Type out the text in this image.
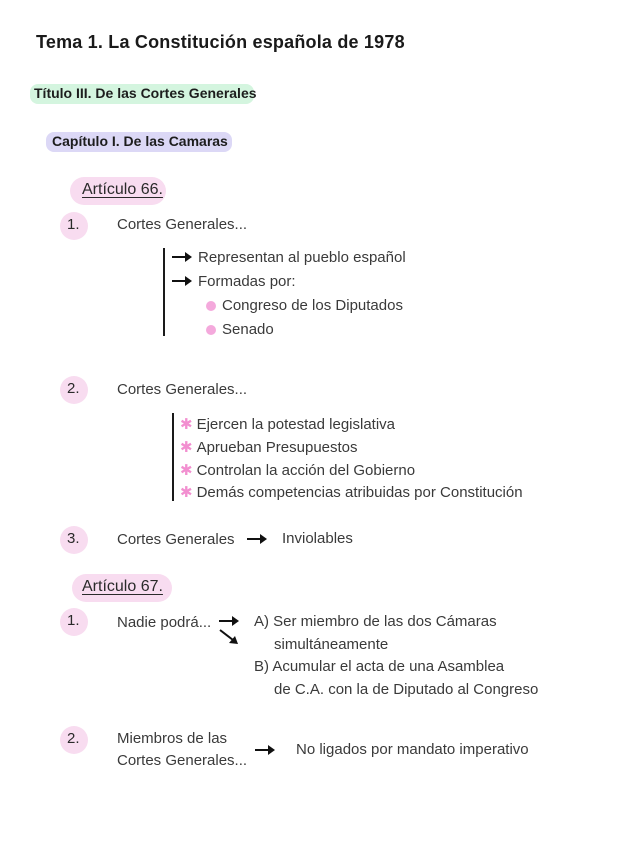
Tema 1. La Constitución española de 1978
Título III. De las Cortes Generales
Capítulo I. De las Camaras
Artículo 66.
1. Cortes Generales...
Representan al pueblo español
Formadas por:
Congreso de los Diputados
Senado
2. Cortes Generales...
✱ Ejercen la potestad legislativa
✱ Aprueban Presupuestos
✱ Controlan la acción del Gobierno
✱ Demás competencias atribuidas por Constitución
3. Cortes Generales	Inviolables
Artículo 67.
1. Nadie podrá...	A) Ser miembro de las dos Cámaras
simultáneamente
B) Acumular el acta de una Asamblea
de C.A. con la de Diputado al Congreso
2. Miembros de las
Cortes Generales...
No ligados por mandato imperativo
